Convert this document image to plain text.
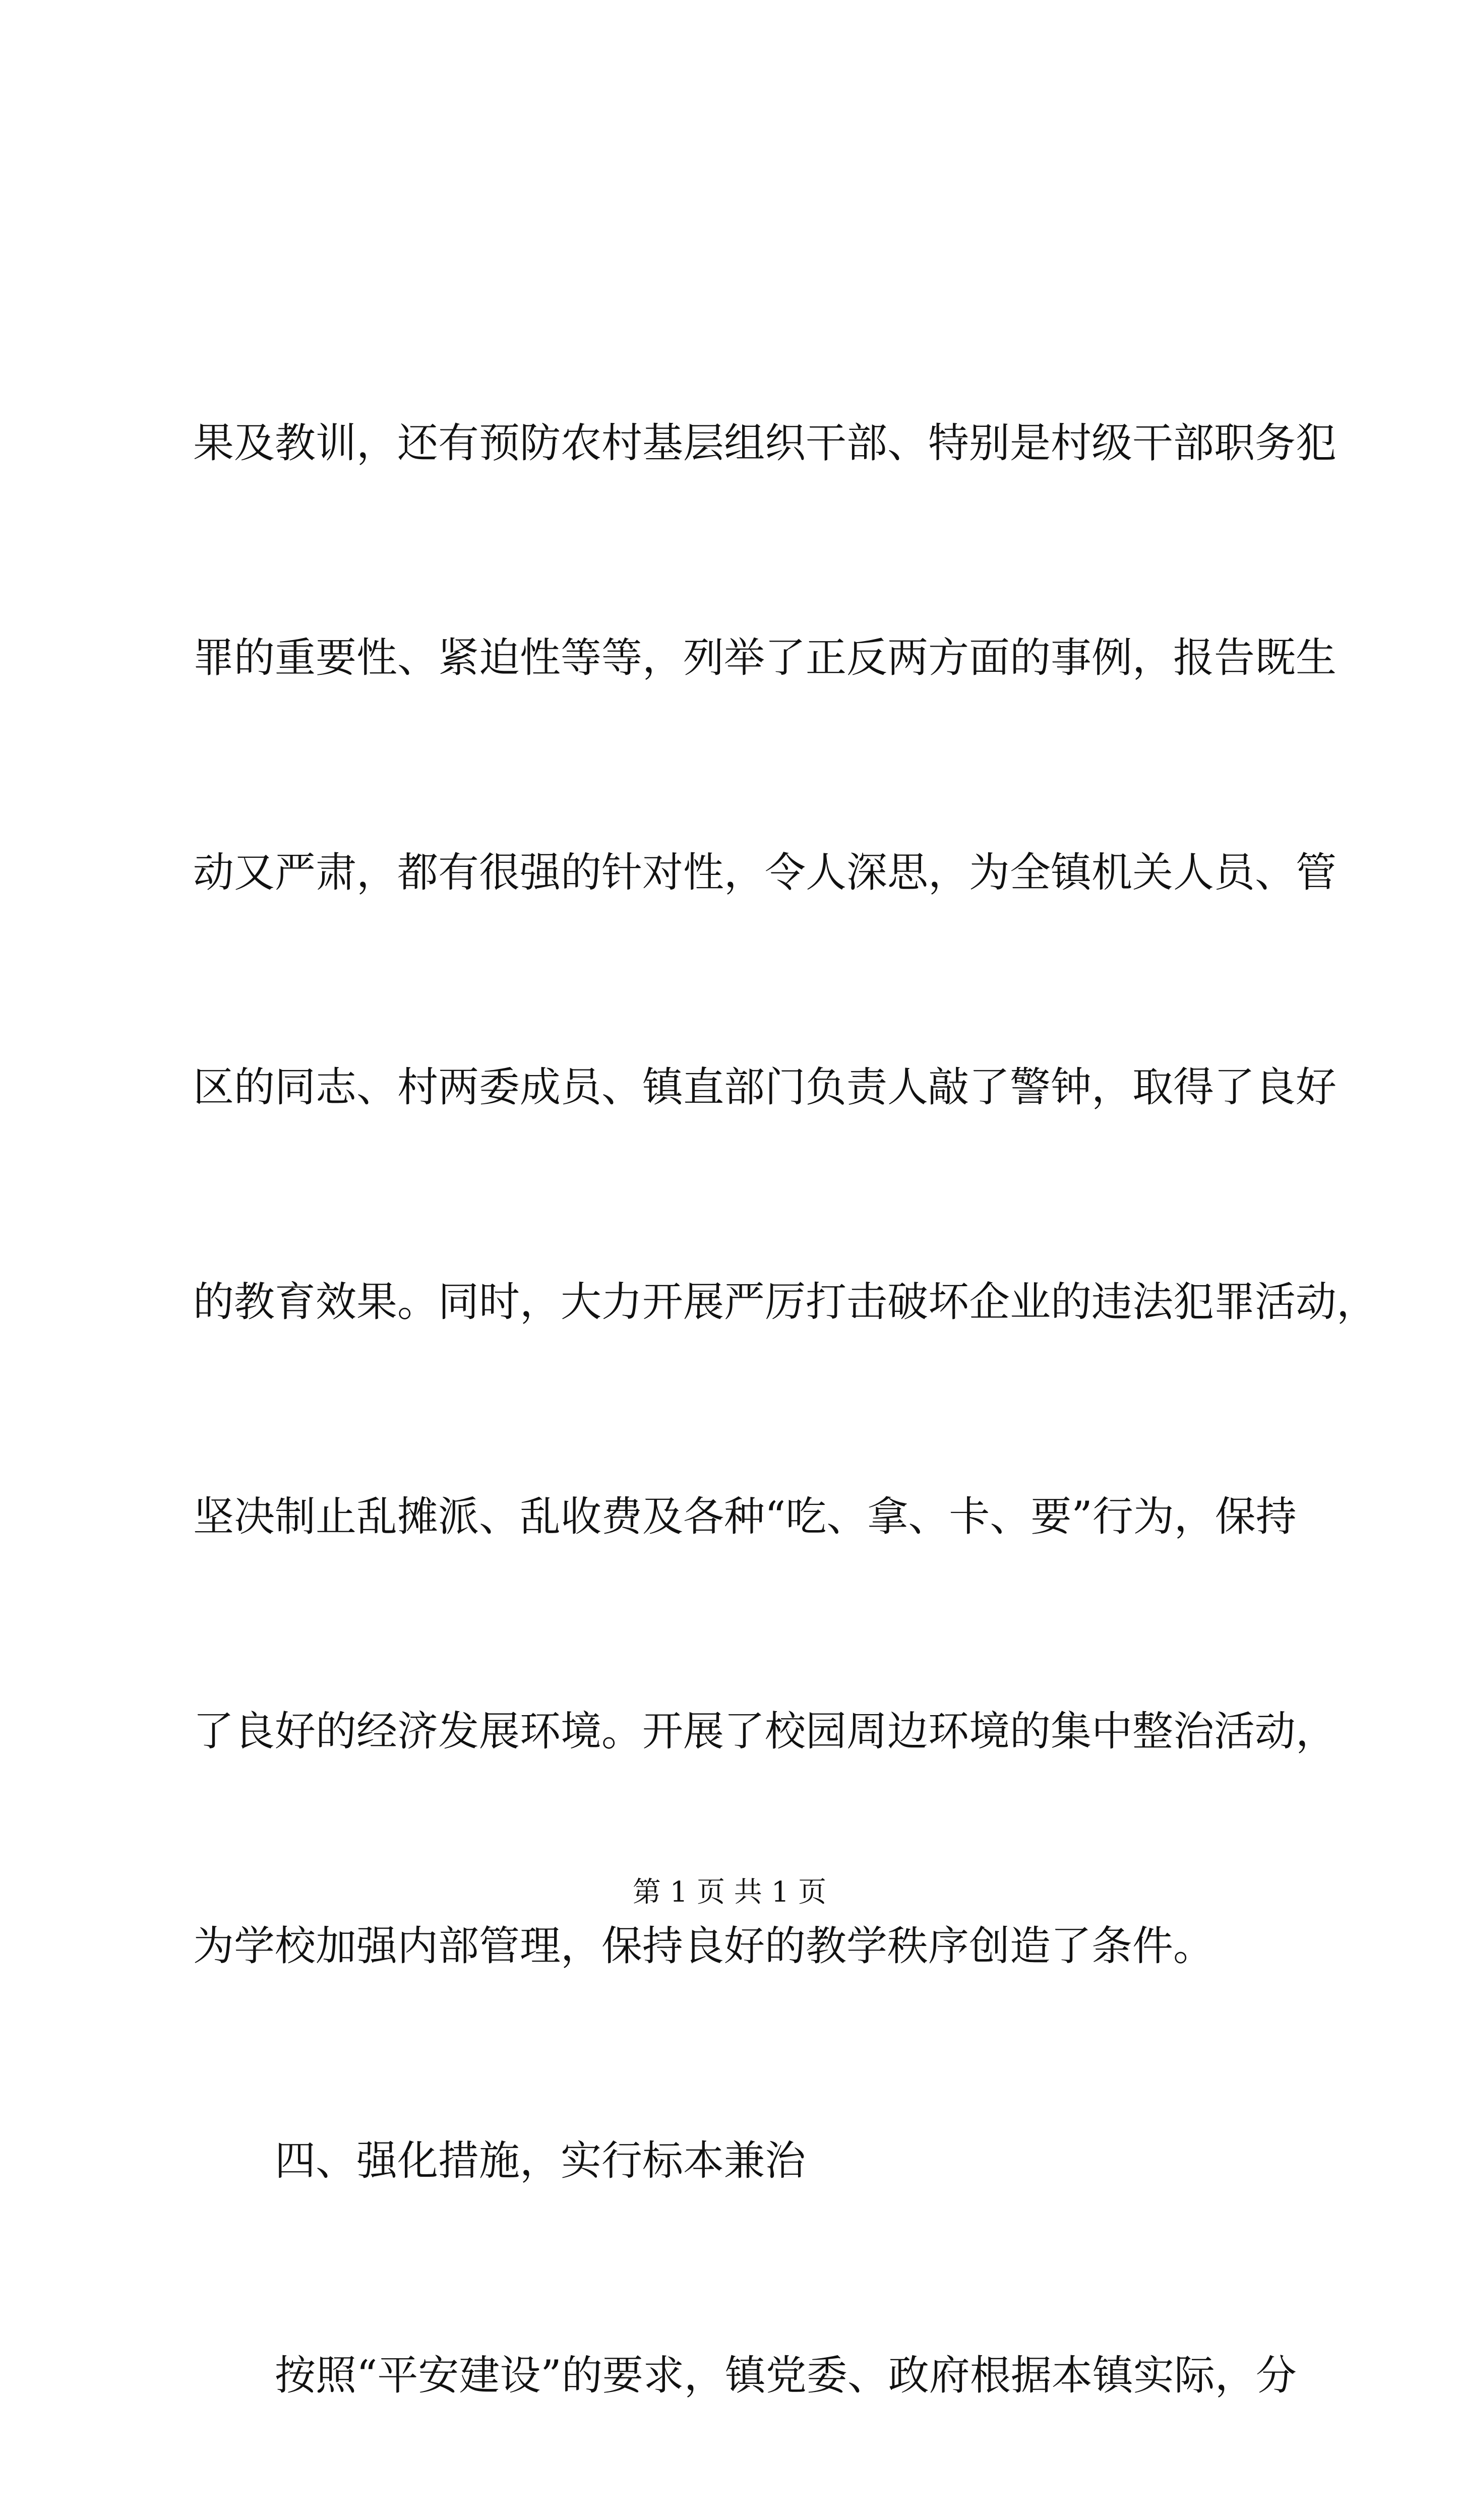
果及教训，还有预防农村基层组织干部、特别是村级干部职务犯

罪的重要性、紧迫性等等，列举了正反两方面的事例，报告既生

动又严肃，都有很强的针对性，令人深思，为全镇机关人员、管

区的同志、村两委成员、镇直部门负责人敲了警钟，取得了良好

的教育效果。同时，大力开展严厉打击破坏企业的违法犯罪活动，

坚决制止乱摊派、乱收费及各种“吃、拿、卡、要”行为，保持

了良好的经济发展环境。开展了校园周边环境的集中整治活动，

为学校加强内部管理，保持良好的教学秩序创造了条件。

四、强化措施，实行标本兼治

按照“平安建设”的要求，镇党委、政府根据本镇实际，分

第 1 页 共 1 页
